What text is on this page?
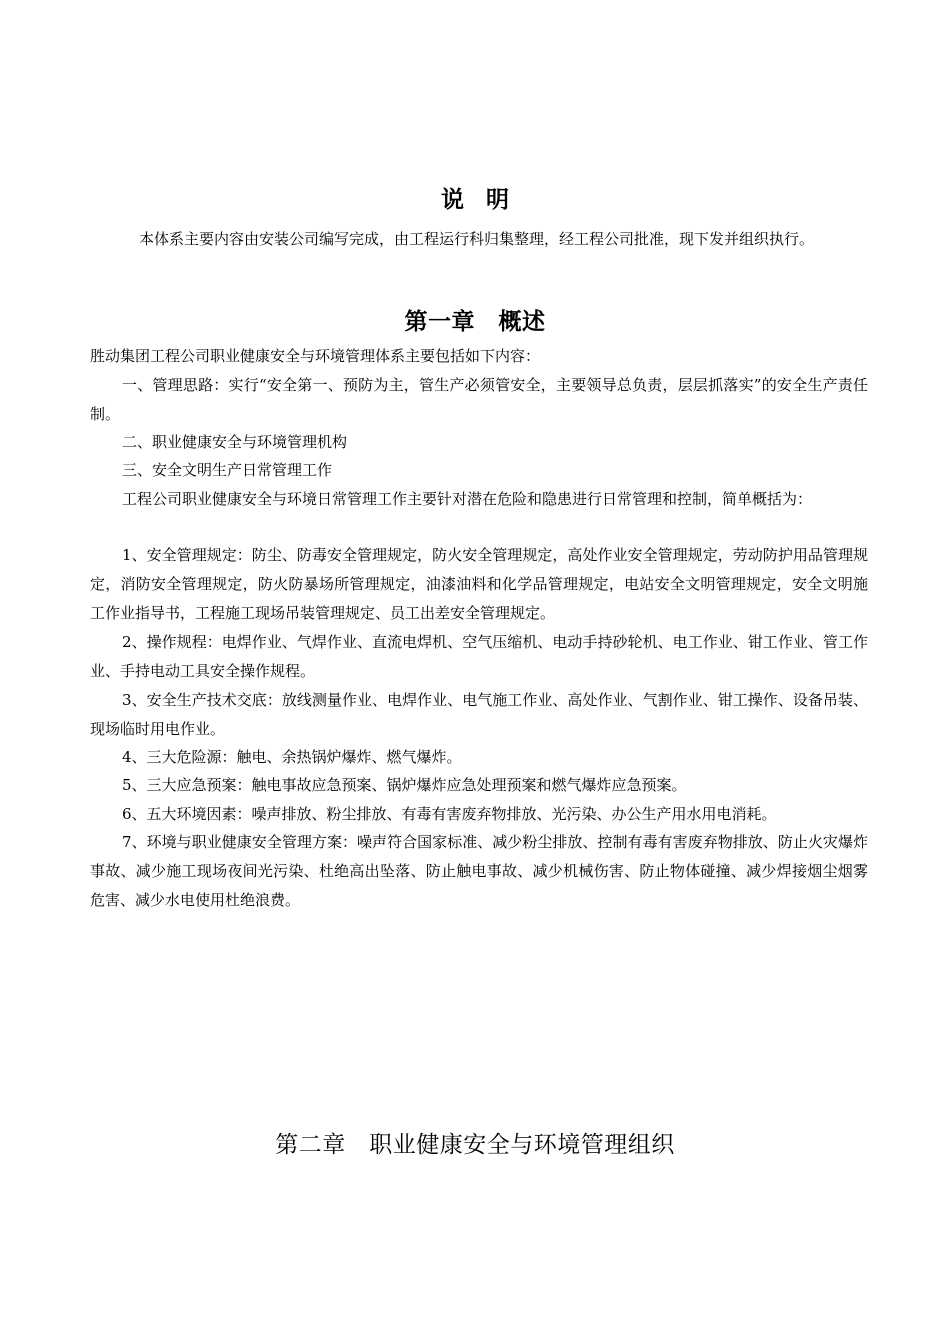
说明

本体系主要内容由安装公司编写完成，由工程运行科归集整理，经工程公司批准，现下发并组织执行。

第一章　概述

胜动集团工程公司职业健康安全与环境管理体系主要包括如下内容：

一、管理思路：实行“安全第一、预防为主，管生产必须管安全，主要领导总负责，层层抓落实”的安全生产责任制。

二、职业健康安全与环境管理机构

三、安全文明生产日常管理工作

工程公司职业健康安全与环境日常管理工作主要针对潜在危险和隐患进行日常管理和控制，简单概括为：

1、安全管理规定：防尘、防毒安全管理规定，防火安全管理规定，高处作业安全管理规定，劳动防护用品管理规定，消防安全管理规定，防火防暴场所管理规定，油漆油料和化学品管理规定，电站安全文明管理规定，安全文明施工作业指导书，工程施工现场吊装管理规定、员工出差安全管理规定。

2、操作规程：电焊作业、气焊作业、直流电焊机、空气压缩机、电动手持砂轮机、电工作业、钳工作业、管工作业、手持电动工具安全操作规程。

3、安全生产技术交底：放线测量作业、电焊作业、电气施工作业、高处作业、气割作业、钳工操作、设备吊装、现场临时用电作业。

4、三大危险源：触电、余热锅炉爆炸、燃气爆炸。

5、三大应急预案：触电事故应急预案、锅炉爆炸应急处理预案和燃气爆炸应急预案。

6、五大环境因素：噪声排放、粉尘排放、有毒有害废弃物排放、光污染、办公生产用水用电消耗。

7、环境与职业健康安全管理方案：噪声符合国家标准、减少粉尘排放、控制有毒有害废弃物排放、防止火灾爆炸事故、减少施工现场夜间光污染、杜绝高出坠落、防止触电事故、减少机械伤害、防止物体碰撞、减少焊接烟尘烟雾危害、减少水电使用杜绝浪费。

第二章　职业健康安全与环境管理组织
